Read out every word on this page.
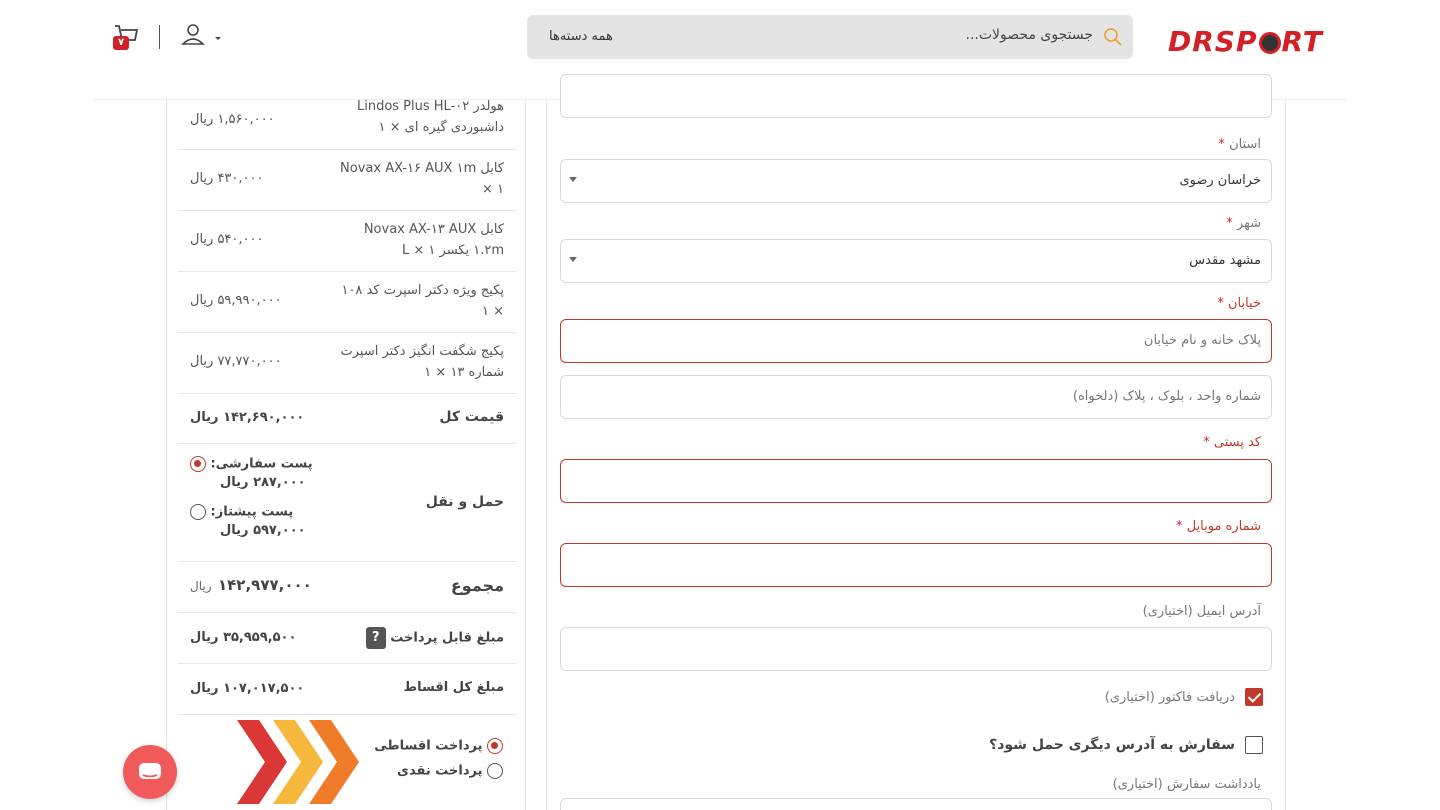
DRSP RT
جستجوی محصولات...
همه دسته‌ها
۷
هولدر Lindos Plus HL-۰۲ داشبوردی گیره ای × ۱
۱,۵۶۰,۰۰۰ ریال
کابل Novax AX-۱۶ AUX ۱m × ۱
۴۳۰,۰۰۰ ریال
کابل Novax AX-۱۳ AUX ۱.۲m یکسر L × ۱
۵۴۰,۰۰۰ ریال
پکیج ویژه دکتر اسپرت کد ۱۰۸ × ۱
۵۹,۹۹۰,۰۰۰ ریال
پکیج شگفت انگیز دکتر اسپرت شماره ۱۳ × ۱
۷۷,۷۷۰,۰۰۰ ریال
قیمت کل
۱۴۲,۶۹۰,۰۰۰ ریال
حمل و نقل
پست سفارشی:
۲۸۷,۰۰۰ ریال
پست پیشتاز:
۵۹۷,۰۰۰ ریال
مجموع
۱۴۲,۹۷۷,۰۰۰
ریال
مبلغ قابل پرداخت ?
۳۵,۹۵۹,۵۰۰ ریال
مبلغ کل اقساط
۱۰۷,۰۱۷,۵۰۰ ریال
پرداخت اقساطی
پرداخت نقدی
استان *
خراسان رضوی
شهر *
مشهد مقدس
خیابان *
پلاک خانه و نام خیابان
شماره واحد ، بلوک ، پلاک (دلخواه)
کد پستی *
شماره موبایل *
آدرس ایمیل (اختیاری)
دریافت فاکتور (اختیاری)
سفارش به آدرس دیگری حمل شود؟
یادداشت سفارش (اختیاری)
